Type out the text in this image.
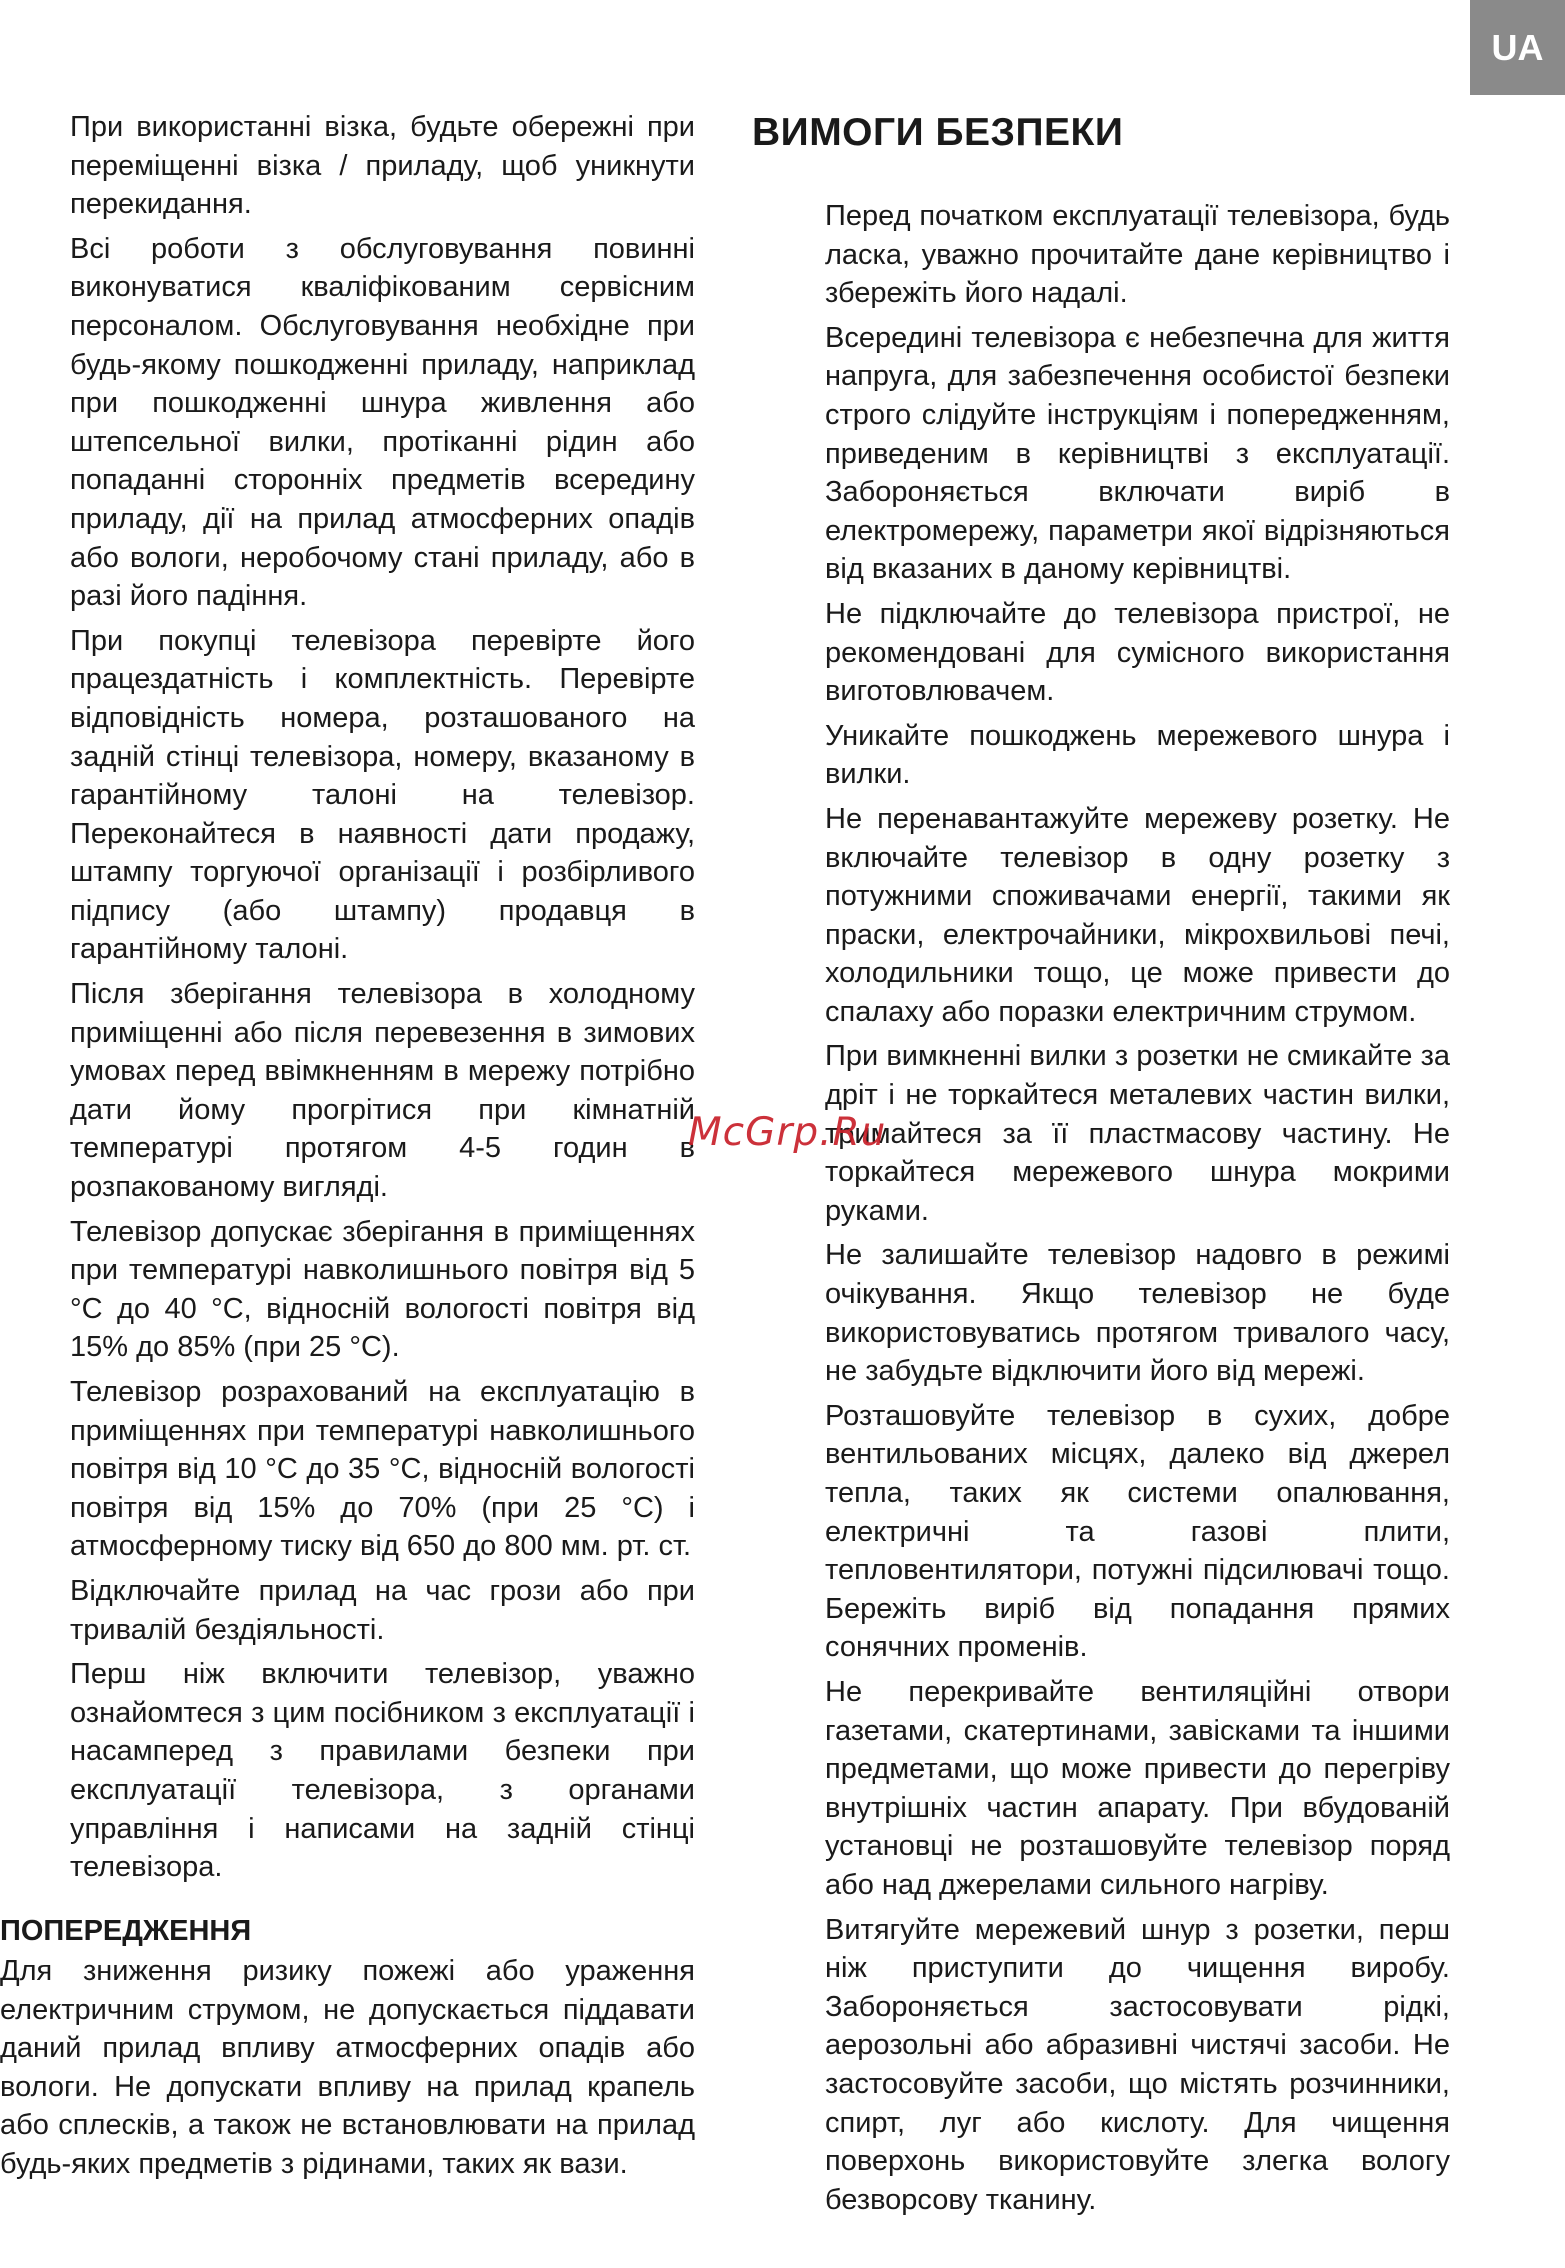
UA

При використанні візка, будьте обережні при переміщенні візка / приладу, щоб уникнути перекидання.

Всі роботи з обслуговування повинні виконуватися кваліфікованим сервісним персоналом. Обслуговування необхідне при будь-якому пошкодженні приладу, наприклад при пошкодженні шнура живлення або штепсельної вилки, протіканні рідин або попаданні сторонніх предметів всередину приладу, дії на прилад атмосферних опадів або вологи, неробочому стані приладу, або в разі його падіння.

При покупці телевізора перевірте його працездатність і комплектність. Перевірте відповідність номера, розташованого на задній стінці телевізора, номеру, вказаному в гарантійному талоні на телевізор. Переконайтеся в наявності дати продажу, штампу торгуючої організації і розбірливого підпису (або штампу) продавця в гарантійному талоні.

Після зберігання телевізора в холодному приміщенні або після перевезення в зимових умовах перед ввімкненням в мережу потрібно дати йому прогрітися при кімнатній температурі протягом 4-5 годин в розпакованому вигляді.

Телевізор допускає зберігання в приміщеннях при температурі навколишнього повітря від 5 °C до 40 °C, відносній вологості повітря від 15% до 85% (при 25 °C).

Телевізор розрахований на експлуатацію в приміщеннях при температурі навколишнього повітря від 10 °C до 35 °C, відносній вологості повітря від 15% до 70% (при 25 °C) і атмосферному тиску від 650 до 800 мм. рт. ст.

Відключайте прилад на час грози або при тривалій бездіяльності.

Перш ніж включити телевізор, уважно ознайомтеся з цим посібником з експлуатації і насамперед з правилами безпеки при експлуатації телевізора, з органами управління і написами на задній стінці телевізора.

ПОПЕРЕДЖЕННЯ

Для зниження ризику пожежі або ураження електричним струмом, не допускається піддавати даний прилад впливу атмосферних опадів або вологи. Не допускати впливу на прилад крапель або сплесків, а також не встановлювати на прилад будь-яких предметів з рідинами, таких як вази.

ВИМОГИ БЕЗПЕКИ

Перед початком експлуатації телевізора, будь ласка, уважно прочитайте дане керівництво і збережіть його надалі.

Всередині телевізора є небезпечна для життя напруга, для забезпечення особистої безпеки строго слідуйте інструкціям і попередженням, приведеним в керівництві з експлуатації. Забороняється включати виріб в електромережу, параметри якої відрізняються від вказаних в даному керівництві.

Не підключайте до телевізора пристрої, не рекомендовані для сумісного використання виготовлювачем.

Уникайте пошкоджень мережевого шнура і вилки.

Не перенавантажуйте мережеву розетку. Не включайте телевізор в одну розетку з потужними споживачами енергії, такими як праски, електрочайники, мікрохвильові печі, холодильники тощо, це може привести до спалаху або поразки електричним струмом.

При вимкненні вилки з розетки не смикайте за дріт і не торкайтеся металевих частин вилки, тримайтеся за її пластмасову частину. Не торкайтеся мережевого шнура мокрими руками.

Не залишайте телевізор надовго в режимі очікування. Якщо телевізор не буде використовуватись протягом тривалого часу, не забудьте відключити його від мережі.

Розташовуйте телевізор в сухих, добре вентильованих місцях, далеко від джерел тепла, таких як системи опалювання, електричні та газові плити, тепловентилятори, потужні підсилювачі тощо. Бережіть виріб від попадання прямих сонячних променів.

Не перекривайте вентиляційні отвори газетами, скатертинами, завісками та іншими предметами, що може привести до перегріву внутрішніх частин апарату. При вбудованій установці не розташовуйте телевізор поряд або над джерелами сильного нагріву.

Витягуйте мережевий шнур з розетки, перш ніж приступити до чищення виробу. Забороняється застосовувати рідкі, аерозольні або абразивні чистячі засоби. Не застосовуйте засоби, що містять розчинники, спирт, луг або кислоту. Для чищення поверхонь використовуйте злегка вологу безворсову тканину.

McGrp.Ru
